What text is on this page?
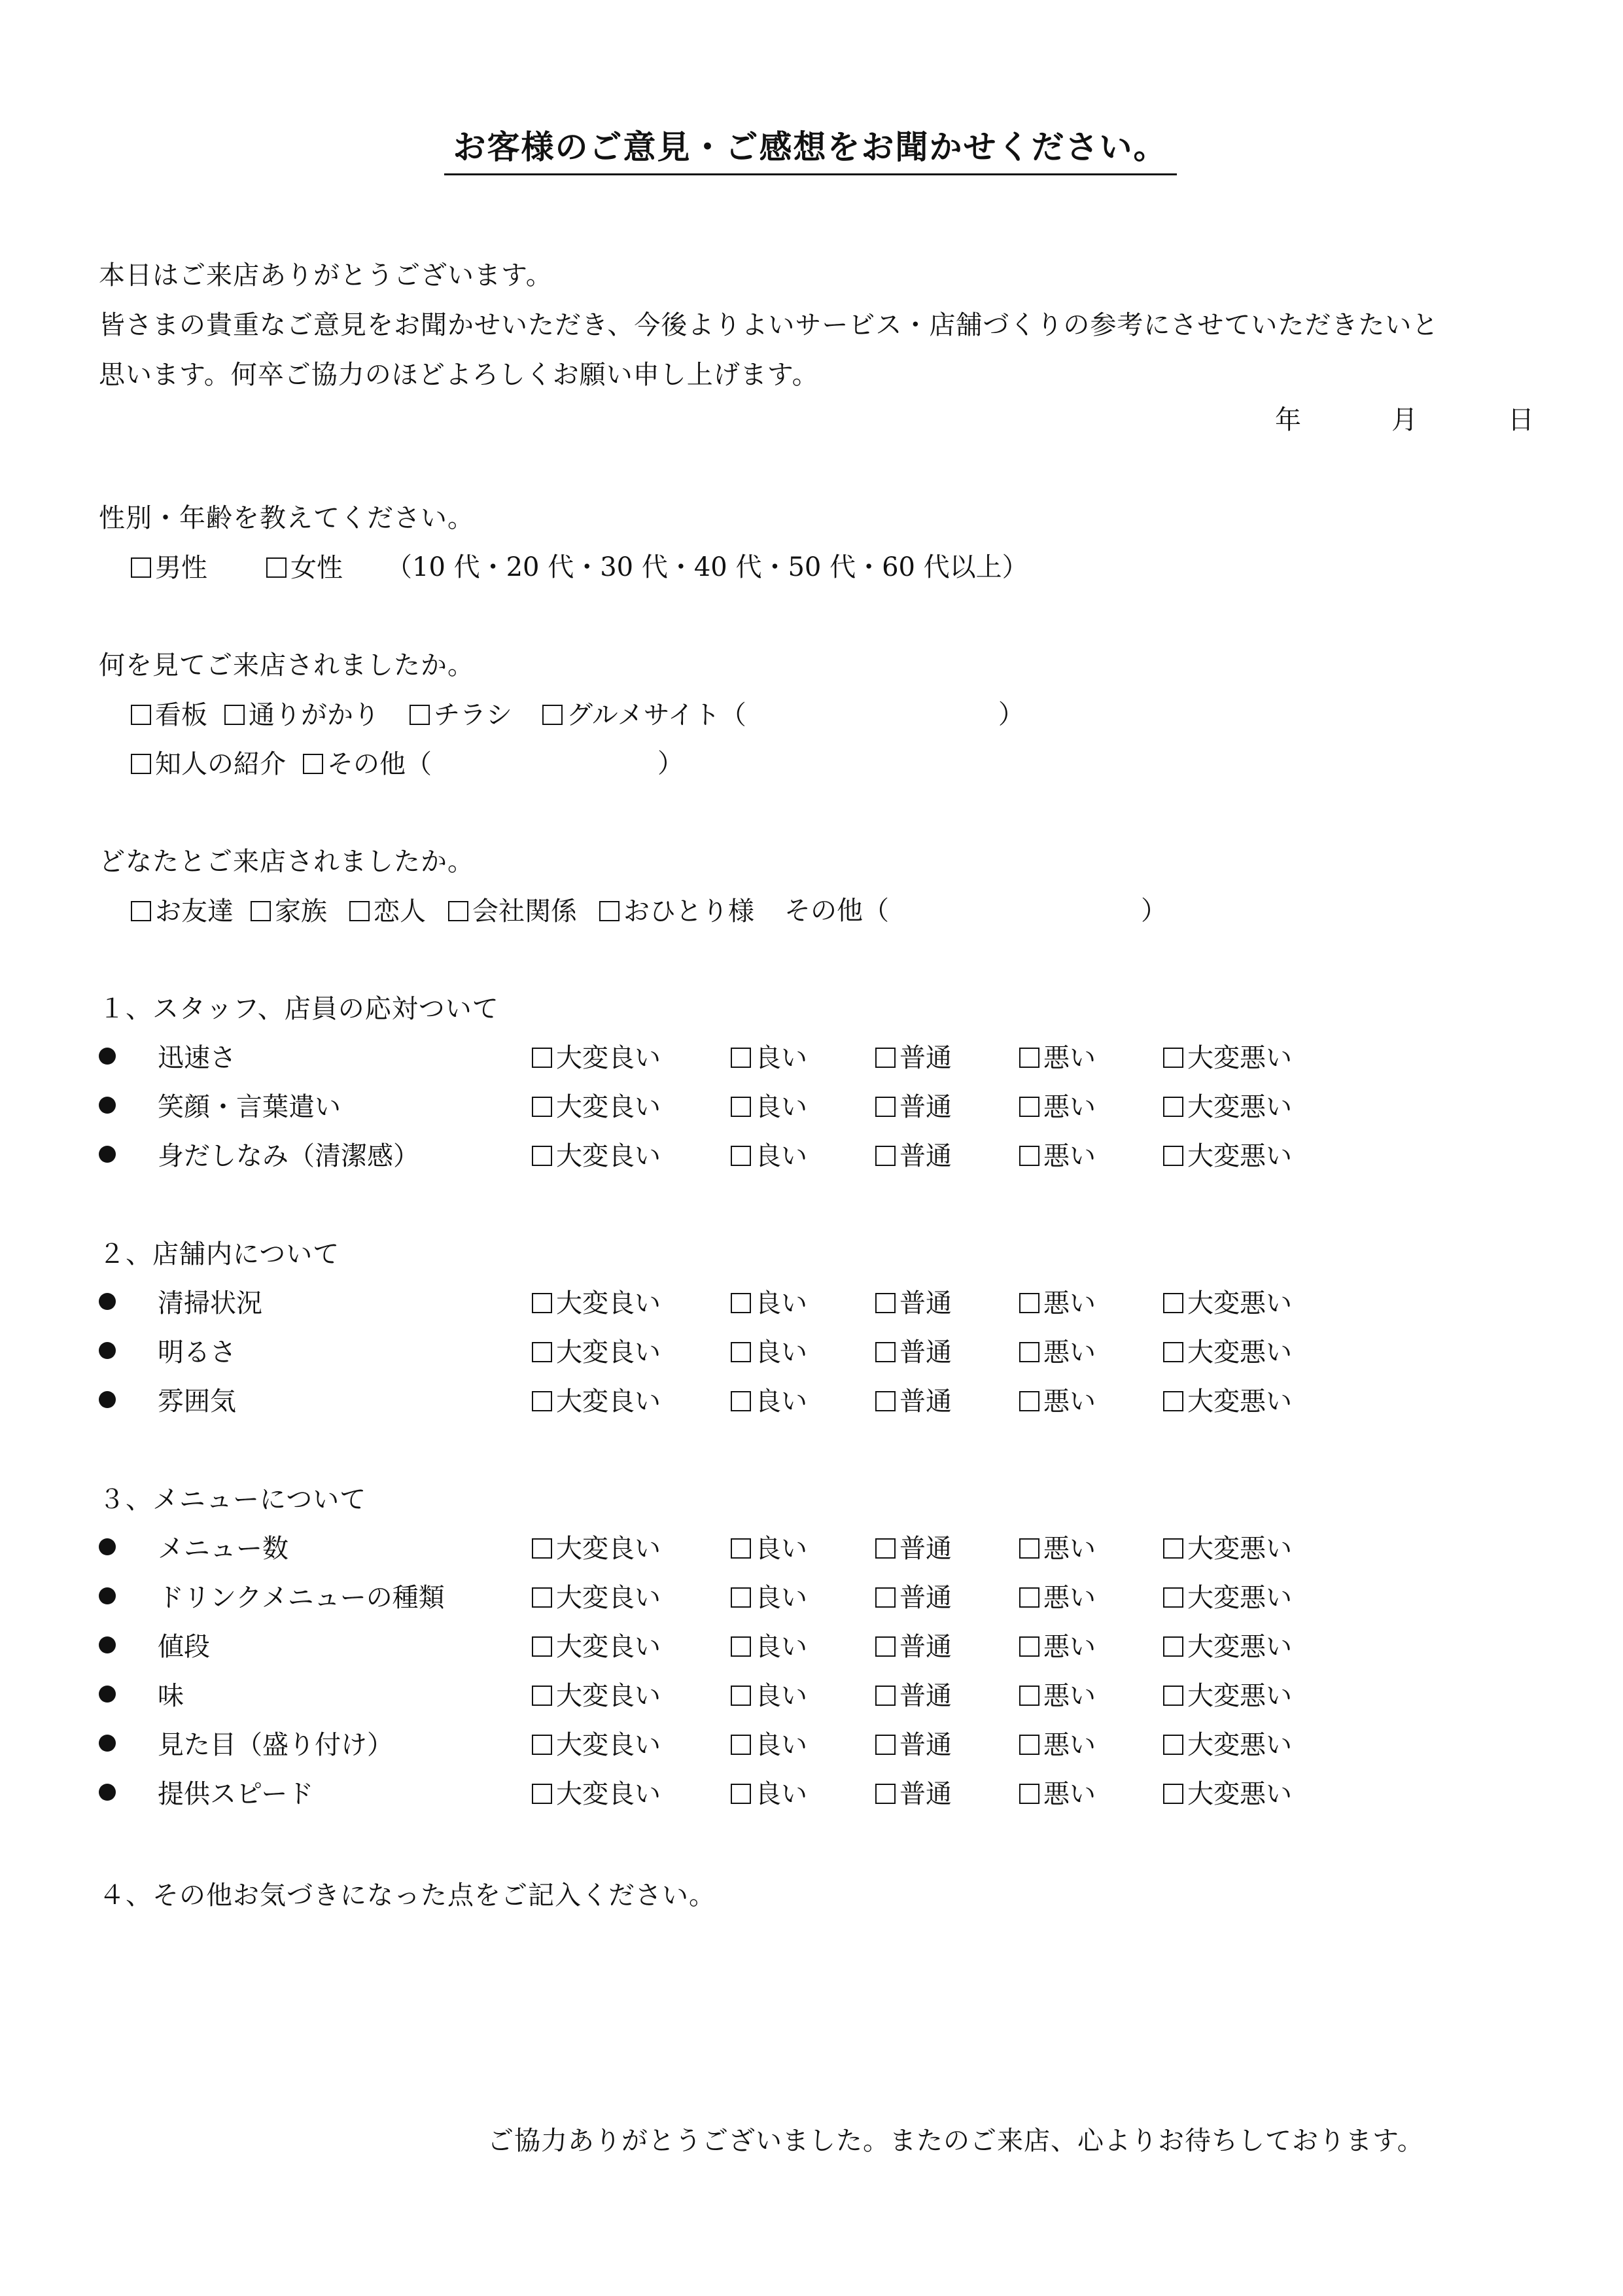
お客様のご意見・ご感想をお聞かせください。

本日はご来店ありがとうございます。

皆さまの貴重なご意見をお聞かせいただき、今後よりよいサービス・店舗づくりの参考にさせていただきたいと

思います。何卒ご協力のほどよろしくお願い申し上げます。

年	月	日
性別・年齢を教えてください。
男性	女性 （10 代・20 代・30 代・40 代・50 代・60 代以上）
何を見てご来店されましたか。
看板 通りがかり チラシ グルメサイト（	）
知人の紹介 その他（	）
どなたとご来店されましたか。
お友達 家族 恋人 会社関係 おひとり様 その他（	）
１、スタッフ、店員の応対ついて
迅速さ	大変良い	良い	普通	悪い	大変悪い
笑顔・言葉遣い	大変良い	良い	普通	悪い	大変悪い
身だしなみ（清潔感）	大変良い	良い	普通	悪い	大変悪い
２、店舗内について
清掃状況	大変良い	良い	普通	悪い	大変悪い
明るさ	大変良い	良い	普通	悪い	大変悪い
雰囲気	大変良い	良い	普通	悪い	大変悪い
３、メニューについて
メニュー数	大変良い	良い	普通	悪い	大変悪い
ドリンクメニューの種類	大変良い	良い	普通	悪い	大変悪い
値段	大変良い	良い	普通	悪い	大変悪い
味	大変良い	良い	普通	悪い	大変悪い
見た目（盛り付け）	大変良い	良い	普通	悪い	大変悪い
提供スピード	大変良い	良い	普通	悪い	大変悪い
４、その他お気づきになった点をご記入ください。
ご協力ありがとうございました。またのご来店、心よりお待ちしております。
